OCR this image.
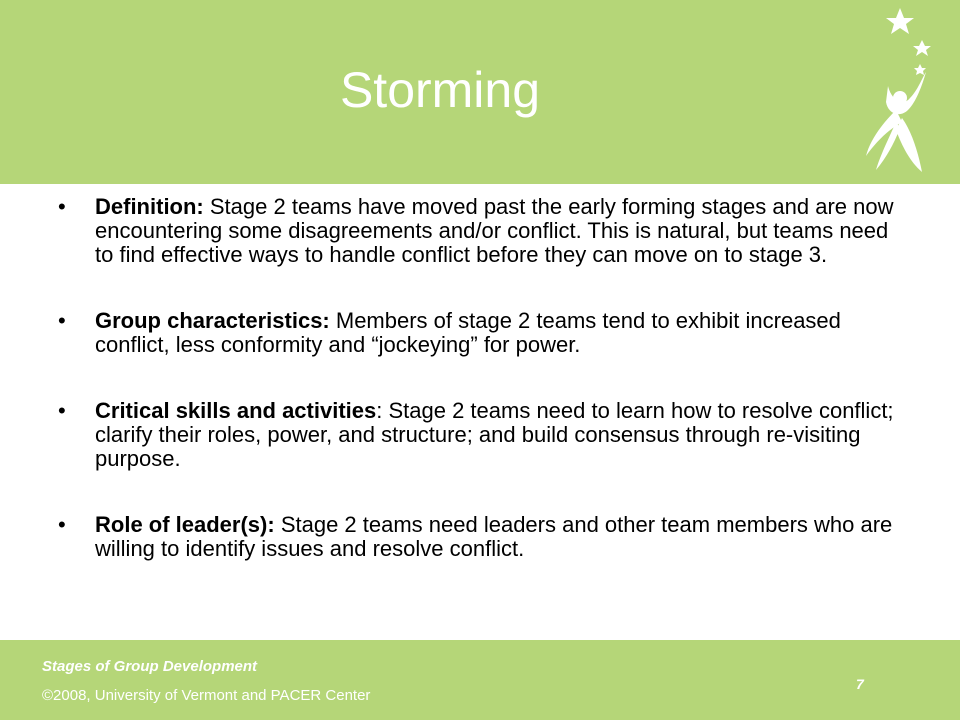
Storming
• Definition: Stage 2 teams have moved past the early forming stages and are now encountering some disagreements and/or conflict. This is natural, but teams need to find effective ways to handle conflict before they can move on to stage 3.
• Group characteristics: Members of stage 2 teams tend to exhibit increased conflict, less conformity and “jockeying” for power.
• Critical skills and activities: Stage 2 teams need to learn how to resolve conflict; clarify their roles, power, and structure; and build consensus through re-visiting purpose.
• Role of leader(s): Stage 2 teams need leaders and other team members who are willing to identify issues and resolve conflict.
Stages of Group Development
©2008, University of Vermont and PACER Center
7
